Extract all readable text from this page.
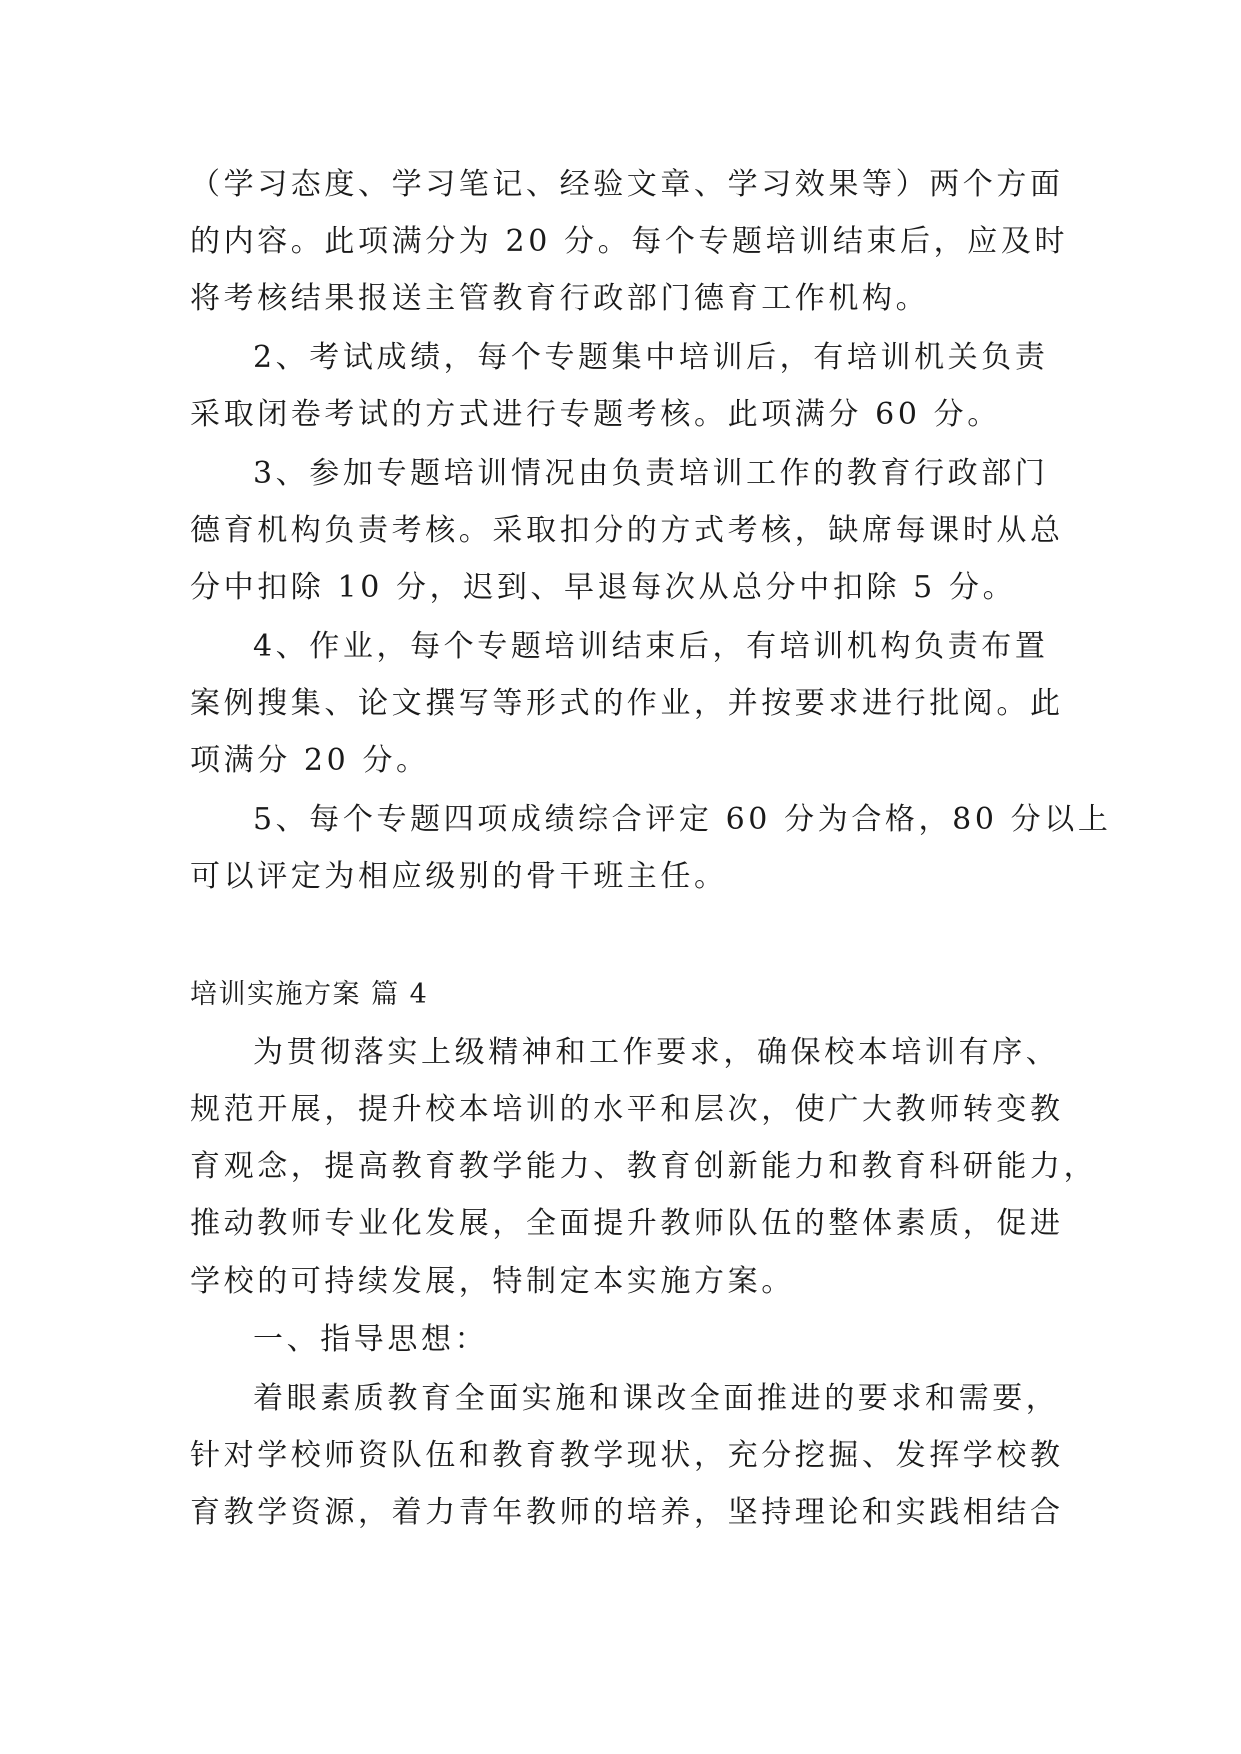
（学习态度、学习笔记、经验文章、学习效果等）两个方面
的内容。此项满分为 20 分。每个专题培训结束后，应及时
将考核结果报送主管教育行政部门德育工作机构。
2、考试成绩，每个专题集中培训后，有培训机关负责
采取闭卷考试的方式进行专题考核。此项满分 60 分。
3、参加专题培训情况由负责培训工作的教育行政部门
德育机构负责考核。采取扣分的方式考核，缺席每课时从总
分中扣除 10 分，迟到、早退每次从总分中扣除 5 分。
4、作业，每个专题培训结束后，有培训机构负责布置
案例搜集、论文撰写等形式的作业，并按要求进行批阅。此
项满分 20 分。
5、每个专题四项成绩综合评定 60 分为合格，80 分以上
可以评定为相应级别的骨干班主任。
培训实施方案 篇 4
为贯彻落实上级精神和工作要求，确保校本培训有序、
规范开展，提升校本培训的水平和层次，使广大教师转变教
育观念，提高教育教学能力、教育创新能力和教育科研能力，
推动教师专业化发展，全面提升教师队伍的整体素质，促进
学校的可持续发展，特制定本实施方案。
一、指导思想：
着眼素质教育全面实施和课改全面推进的要求和需要，
针对学校师资队伍和教育教学现状，充分挖掘、发挥学校教
育教学资源，着力青年教师的培养，坚持理论和实践相结合
